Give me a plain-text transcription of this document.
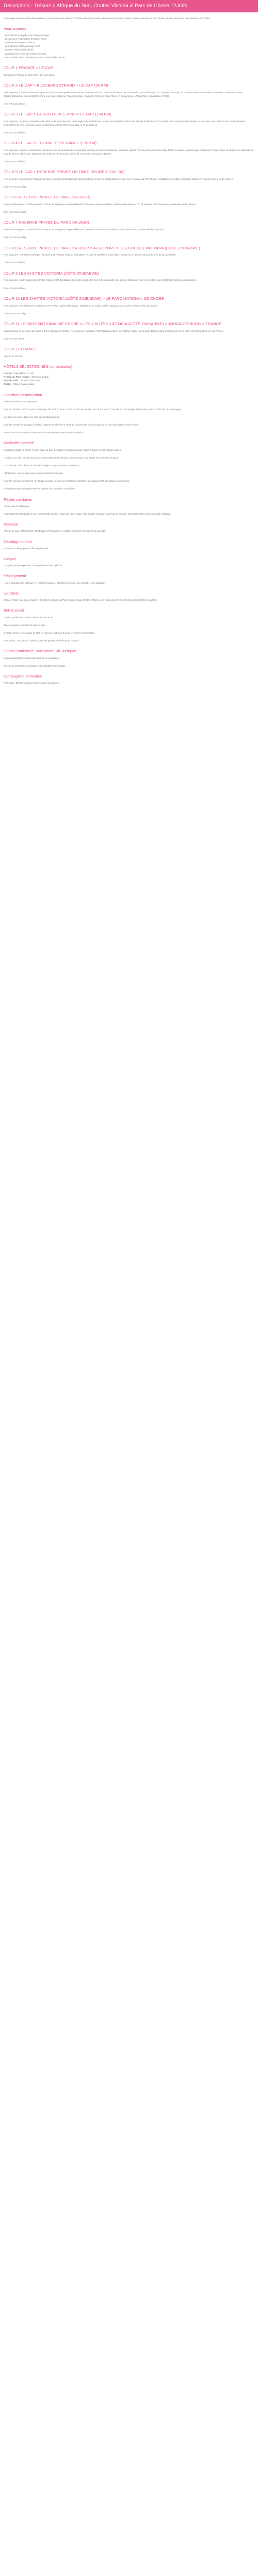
Description - Trésors d'Afrique du Sud, Chutes Victoria & Parc de Chobe 12J/9N

Un voyage avec ces deux découverts les plus beaux sites naturels d'Afrique du Sud à travers des routes hors des sentiers et vous terminerez aux Chutes Victoria et dans le Parc National de Chobe.

Vous aimerez

- Les Chutes de Blyde et la Réserve Kruger
- Le survol en hélicoptère du Cape Town
- La faune sauvage en liberté
- Les Chutes Victoria du Cap Point
- Le Parc National de Chobe
- La descente à pied des Chutes Victoria
- Les 2 safaris dont 1 nautique au Parc National de Chobe

JOUR 1 FRANCE > LE CAP

Envol pour l'Afrique du Sud. Dîner et nuit à bord.

JOUR 2 LE CAP > BLOUBERGSTRAND > LE CAP (50 KM)

Petit déjeuner à bord. Arrivée au Cap et accueil par votre guide francophone. Transfert vers le centre de la ville et découverte du centre historique du Cap avec Bo-Kaap, le quartier malais aux maisons colorées. Continuation vers Bloubergstrand où vous profiterez d'une vue imprenable sur Table Mountain. Déjeuner. Retour à Cape Town en passant par le Waterfront. Installation à l'hôtel.

Dîner et nuit à l'hôtel.

JOUR 3 LE CAP > LA ROUTE DES VINS > LE CAP (150 KM)

Petit déjeuner. Journée consacrée à la visite de la route des vins de la région de Stellenbosch et de Franschhoek. Visite de la ville de Stellenbosch, l'une des plus anciennes de l'Afrique du Sud avec ses maisons de style hollandais. Dégustation de vins. Déjeuner dans un domaine viticole. Retour au Cap en fin de journée.

Dîner et nuit à l'hôtel.

JOUR 4 LE CAP DE BONNE ESPERANCE (170 KM)

Petit déjeuner. Journée entièrement consacrée à la découverte de la péninsule du Cap de Bonne Espérance. Croisière jusqu'à l'île aux phoques à Hout Bay. Route à travers le pittoresque Chapman's Peak. Visite de la Réserve Naturelle du Cap de Bonne Espérance. Déjeuner de poissons. Visite de la colonie de manchots de Boulders Beach.

Dîner et nuit à l'hôtel.

JOUR 5 LE CAP > RESERVE PRIVEE DU PARC KRUGER (100 KM)

Petit déjeuner. Départ pour l'aéroport du Cap et envol à destination de Johannesburg. Arrivée et continuation vers la réserve privée du Parc Kruger. Installation au lodge et premier safari en véhicule 4x4 en fin de journée.

Dîner et nuit au lodge.

JOUR 6 RESERVE PRIVEE DU PARC KRUGER)

Réveil matinal pour un safari à l'aube. Retour au lodge pour le petit déjeuner. Déjeuner. Après-midi libre, puis nouveau safari en fin de journée pour découvrir les animaux de la réserve.

Dîner et nuit au lodge.

JOUR 7 RESERVE PRIVEE DU PARC KRUGER

Réveil matinal pour un safari à l'aube. Retour au lodge pour le petit déjeuner. Journée consacrée aux safaris dans la réserve à la recherche des Big Five.

Dîner et nuit au lodge.

JOUR 8 RESERVE PRIVEE DU PARC KRUGER > AEROPORT > LES CHUTES VICTORIA (CÔTÉ ZIMBABWE)

Petit déjeuner. Transfert à l'aéroport et envol pour Victoria Falls au Zimbabwe. Accueil et transfert à votre hôtel. Croisière au coucher du soleil sur le fleuve Zambèze.

Dîner et nuit à l'hôtel.

JOUR 9 LES CHUTES VICTORIA (CÔTÉ ZIMBABWE)

Petit déjeuner. Visite guidée des Chutes Victoria côté Zimbabwe, l'une des plus belles merveilles naturelles du monde. Déjeuner. Après-midi libre pour profiter des activités optionnelles.

Dîner et nuit à l'hôtel.

JOUR 10 LES CHUTES VICTORIA (CÔTÉ ZIMBABWE) > LE PARC NATIONAL DE CHOBE

Petit déjeuner. Transfert vers le Botswana et le Parc National de Chobe. Installation au lodge. Safari nautique sur la rivière Chobe en fin de journée.

Dîner et nuit au lodge.

JOUR 11 LE PARC NATIONAL DE CHOBE > LES CHUTES VICTORIA (CÔTÉ ZIMBABWE) > JOHANNESBURG > FRANCE

Safari matinal en véhicule 4x4 dans le Parc National de Chobe. Petit déjeuner au lodge. Transfert à l'aéroport de Victoria Falls et envol pour Johannesburg. Connexion avec votre vol international vers la France.

Dîner et nuit à bord.

JOUR 12 FRANCE

Arrivée en France.

HÔTELS SÉLECTIONNÉS (ou similaires)

Le Cap : Cape Milner 4* (nl)
Région du Parc Kruger : Tintswalo Lodge
Victoria Falls : Victoria Falls Hotel
Chobe : Chobe Safari Lodge

Conditions d'annulation

Frais d'annulation par personne :

Plus de 30 jours : 30% du prix du voyage. De 30 à 21 jours : 50% du prix du voyage. De 20 à 8 jours : 75% du prix du voyage. Moins de 8 jours : 100% du prix du voyage.

Les frais de visa et taxes ne sont pas remboursables.

Pour les ventes de voyages à forfait, l'agence se réserve le droit de facturer des frais de dossier en cas d'annulation par le client.

Nous vous recommandons vivement de souscrire une assurance annulation.

Modalités d'entrée

Passeport valide au moins 6 mois après la date de retour et comportant au moins 2 pages vierges consécutives.

* Afrique du Sud : pas de visa pour les ressortissants français pour un séjour touristique de moins de 90 jours.

* Zimbabwe : visa obtenu à l'arrivée à régler sur place (environ 50 USD).

* Botswana : pas de visa pour les ressortissants français.

Pour les mineurs voyageant en Afrique du Sud, un acte de naissance intégral et des documents spécifiques sont exigés.

Renseignements complémentaires auprès des autorités consulaires.

Règles sanitaires

Aucun vaccin obligatoire.

Un traitement antipaludéen est recommandé pour la région du Parc Kruger, des Chutes Victoria et du Parc de Chobe. Consultez votre médecin avant le départ.

Monnaie

Afrique du Sud : Rand (ZAR). Zimbabwe et Botswana : le dollar américain est largement accepté.

Décalage horaire

+1 heure en hiver, pas de décalage en été.

Langue

L'anglais est parlé partout. Votre guide est francophone.

Hébergement

Hôtels et lodges de catégorie 4* (normes locales), sélectionnés pour leur confort et leur situation.

Le climat

Climat tempéré au Cap, chaud en été dans la région du Parc Kruger et aux Chutes Victoria. Les nuits peuvent être fraîches pendant l'hiver austral.

Bon à savoir

Guide : guide francophone durant tout le circuit.

Taxes aéroport : comprises dans le prix.

Réserve privée : les safaris se font en véhicule 4x4 ouvert avec un ranger et un pisteur.

Pourboires : non inclus, à prévoir pour les guides, chauffeurs et rangers.

Option Fourbature : Assistance VIP Aéroport

Option disponible sur demande lors de la réservation.

Service personnalisé à l'aéroport pour faciliter votre départ.

Compagnies aériennes

Air France, British Airways, Qatar Airways ou autres...
